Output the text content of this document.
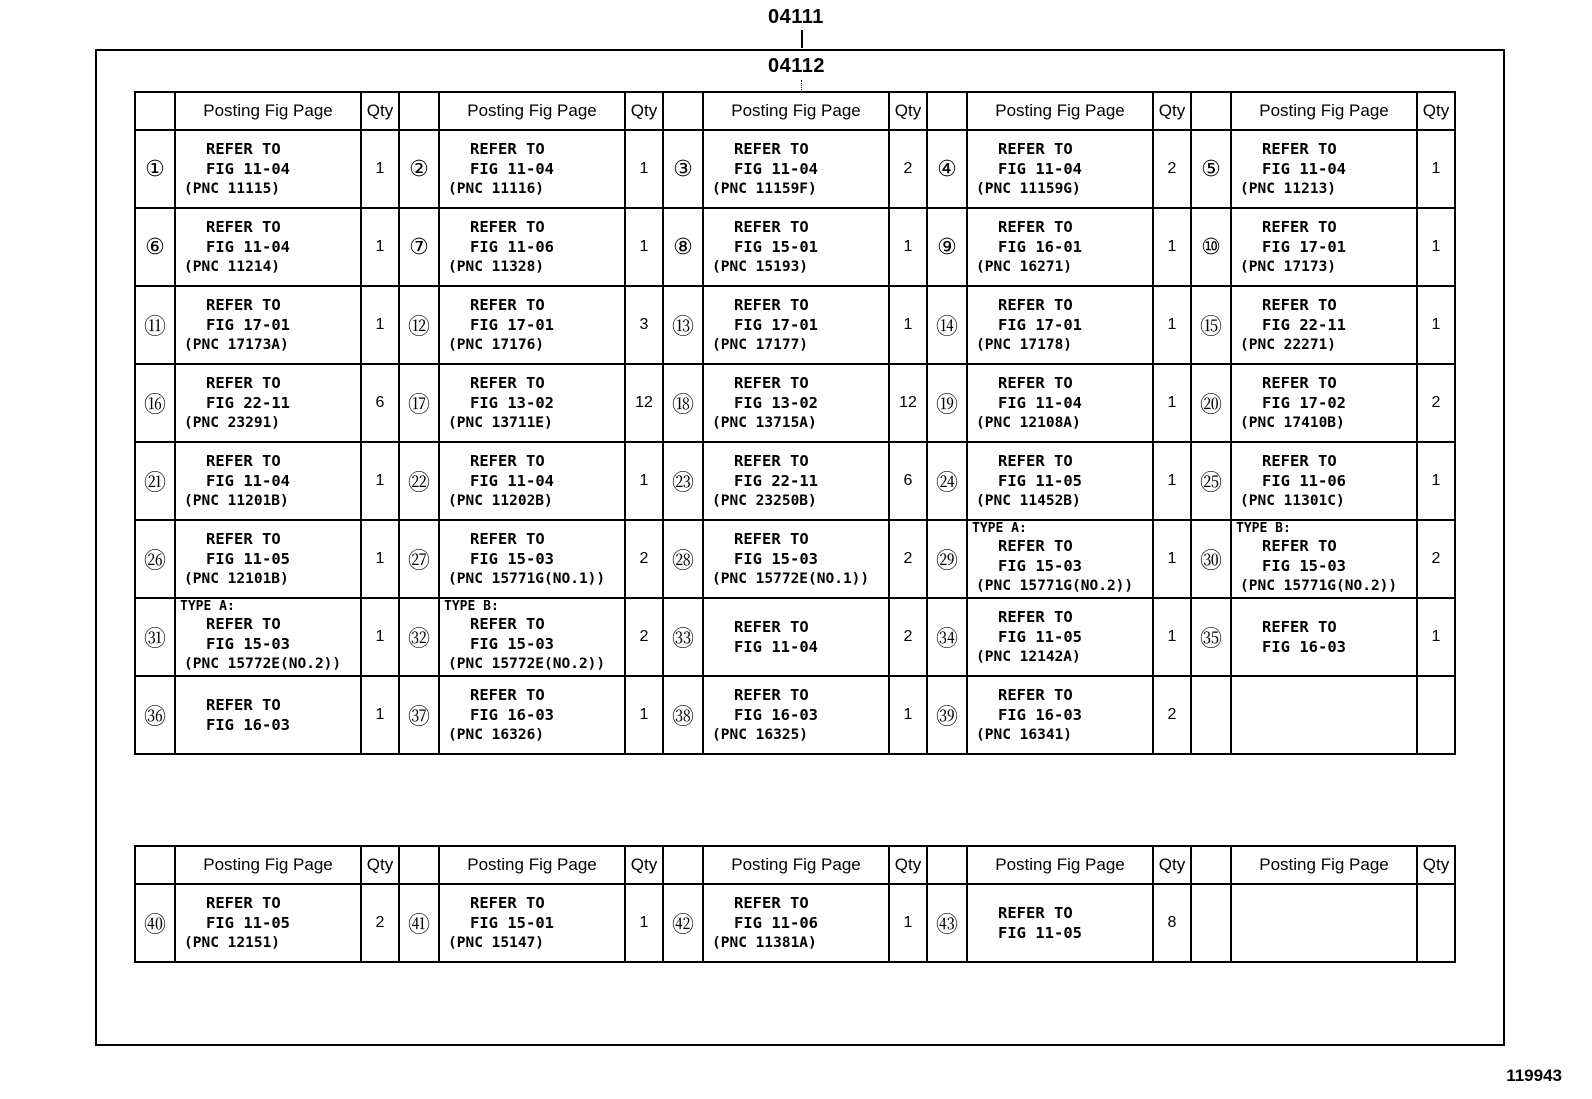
04111
04112
	Posting Fig Page	Qty		Posting Fig Page	Qty		Posting Fig Page	Qty		Posting Fig Page	Qty		Posting Fig Page	Qty
①	REFER TO
FIG 11-04
(PNC 11115)	1	②	REFER TO
FIG 11-04
(PNC 11116)	1	③	REFER TO
FIG 11-04
(PNC 11159F)	2	④	REFER TO
FIG 11-04
(PNC 11159G)	2	⑤	REFER TO
FIG 11-04
(PNC 11213)	1
⑥	REFER TO
FIG 11-04
(PNC 11214)	1	⑦	REFER TO
FIG 11-06
(PNC 11328)	1	⑧	REFER TO
FIG 15-01
(PNC 15193)	1	⑨	REFER TO
FIG 16-01
(PNC 16271)	1	⑩	REFER TO
FIG 17-01
(PNC 17173)	1
⑪	REFER TO
FIG 17-01
(PNC 17173A)	1	⑫	REFER TO
FIG 17-01
(PNC 17176)	3	⑬	REFER TO
FIG 17-01
(PNC 17177)	1	⑭	REFER TO
FIG 17-01
(PNC 17178)	1	⑮	REFER TO
FIG 22-11
(PNC 22271)	1
⑯	REFER TO
FIG 22-11
(PNC 23291)	6	⑰	REFER TO
FIG 13-02
(PNC 13711E)	12	⑱	REFER TO
FIG 13-02
(PNC 13715A)	12	⑲	REFER TO
FIG 11-04
(PNC 12108A)	1	⑳	REFER TO
FIG 17-02
(PNC 17410B)	2
㉑	REFER TO
FIG 11-04
(PNC 11201B)	1	㉒	REFER TO
FIG 11-04
(PNC 11202B)	1	㉓	REFER TO
FIG 22-11
(PNC 23250B)	6	㉔	REFER TO
FIG 11-05
(PNC 11452B)	1	㉕	REFER TO
FIG 11-06
(PNC 11301C)	1
㉖	REFER TO
FIG 11-05
(PNC 12101B)	1	㉗	REFER TO
FIG 15-03
(PNC 15771G(NO.1))	2	㉘	REFER TO
FIG 15-03
(PNC 15772E(NO.1))	2	㉙	TYPE A:
REFER TO
FIG 15-03
(PNC 15771G(NO.2))	1	㉚	TYPE B:
REFER TO
FIG 15-03
(PNC 15771G(NO.2))	2
㉛	TYPE A:
REFER TO
FIG 15-03
(PNC 15772E(NO.2))	1	㉜	TYPE B:
REFER TO
FIG 15-03
(PNC 15772E(NO.2))	2	㉝	REFER TO
FIG 11-04	2	㉞	REFER TO
FIG 11-05
(PNC 12142A)	1	㉟	REFER TO
FIG 16-03	1
㊱	REFER TO
FIG 16-03	1	㊲	REFER TO
FIG 16-03
(PNC 16326)	1	㊳	REFER TO
FIG 16-03
(PNC 16325)	1	㊴	REFER TO
FIG 16-03
(PNC 16341)	2			
	Posting Fig Page	Qty		Posting Fig Page	Qty		Posting Fig Page	Qty		Posting Fig Page	Qty		Posting Fig Page	Qty
㊵	REFER TO
FIG 11-05
(PNC 12151)	2	㊶	REFER TO
FIG 15-01
(PNC 15147)	1	㊷	REFER TO
FIG 11-06
(PNC 11381A)	1	㊸	REFER TO
FIG 11-05	8			
119943
